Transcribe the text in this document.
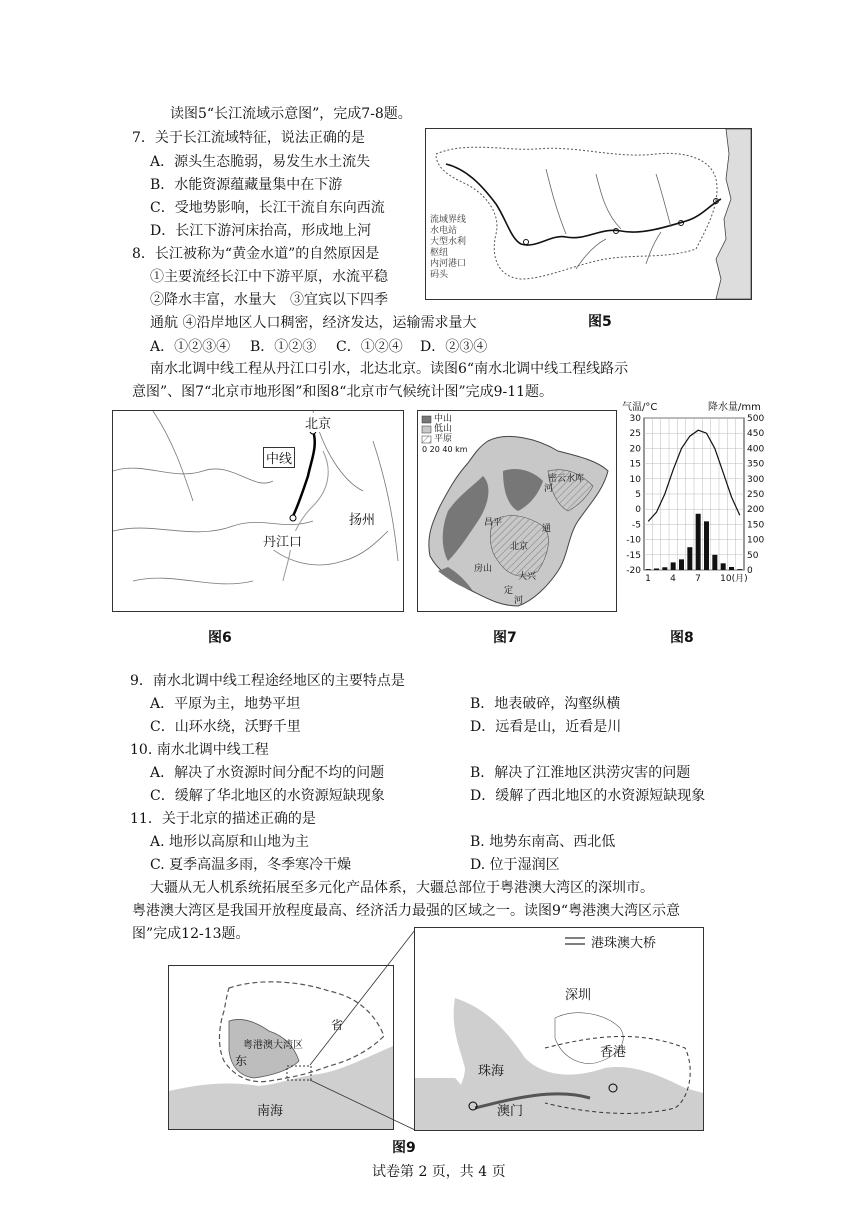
读图5“长江流域示意图”，完成7-8题。
7．关于长江流域特征，说法正确的是
A．源头生态脆弱，易发生水土流失
B．水能资源蕴藏量集中在下游
C．受地势影响，长江干流自东向西流
D．长江下游河床抬高，形成地上河
8．长江被称为“黄金水道”的自然原因是
①主要流经长江中下游平原，水流平稳
②降水丰富，水量大　③宜宾以下四季
通航 ④沿岸地区人口稠密，经济发达，运输需求量大
A．①②③④ B．①②③ C．①②④ D．②③④
流域界线
水电站
大型水利
枢纽
内河港口
码头
图5
南水北调中线工程从丹江口引水，北达北京。读图6“南水北调中线工程线路示
意图”、图7“北京市地形图”和图8“北京市气候统计图”完成9-11题。
北京
中线
扬州
丹江口
图6
中山
低山
平原
0 20 40 km
密云水库
昌平
北京
通
房山
大兴
河
定
河
图7
气温/°C	降水量/mm
30
25
20
15
10
5
0
-5
-10
-15
-20
500
450
400
350
300
250
200
150
100
50
0
1 4 7 10(月)
图8
9．南水北调中线工程途经地区的主要特点是
A．平原为主，地势平坦	B．地表破碎，沟壑纵横
C．山环水绕，沃野千里	D．远看是山，近看是川
10. 南水北调中线工程
A．解决了水资源时间分配不均的问题	B．解决了江淮地区洪涝灾害的问题
C．缓解了华北地区的水资源短缺现象	D．缓解了西北地区的水资源短缺现象
11．关于北京的描述正确的是
A. 地形以高原和山地为主	B. 地势东南高、西北低
C. 夏季高温多雨，冬季寒冷干燥	D. 位于湿润区
大疆从无人机系统拓展至多元化产品体系，大疆总部位于粤港澳大湾区的深圳市。
粤港澳大湾区是我国开放程度最高、经济活力最强的区域之一。读图9“粤港澳大湾区示意
图”完成12-13题。
省
东
粤港澳大湾区
南海
港珠澳大桥
深圳
香港
珠海
澳门
图9
试卷第 2 页，共 4 页
